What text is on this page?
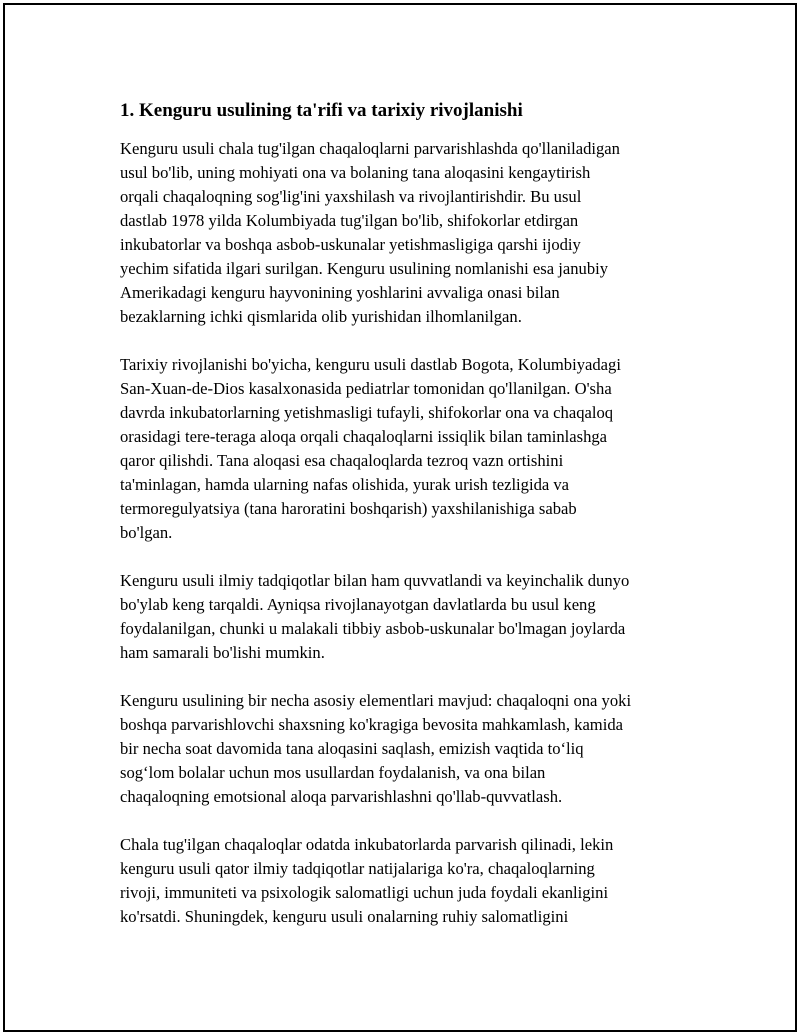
1. Kenguru usulining ta'rifi va tarixiy rivojlanishi

Kenguru usuli chala tug'ilgan chaqaloqlarni parvarishlashda qo'llaniladigan
usul bo'lib, uning mohiyati ona va bolaning tana aloqasini kengaytirish
orqali chaqaloqning sog'lig'ini yaxshilash va rivojlantirishdir. Bu usul
dastlab 1978 yilda Kolumbiyada tug'ilgan bo'lib, shifokorlar etdirgan
inkubatorlar va boshqa asbob-uskunalar yetishmasligiga qarshi ijodiy
yechim sifatida ilgari surilgan. Kenguru usulining nomlanishi esa janubiy
Amerikadagi kenguru hayvonining yoshlarini avvaliga onasi bilan
bezaklarning ichki qismlarida olib yurishidan ilhomlanilgan.

Tarixiy rivojlanishi bo'yicha, kenguru usuli dastlab Bogota, Kolumbiyadagi
San-Xuan-de-Dios kasalxonasida pediatrlar tomonidan qo'llanilgan. O'sha
davrda inkubatorlarning yetishmasligi tufayli, shifokorlar ona va chaqaloq
orasidagi tere-teraga aloqa orqali chaqaloqlarni issiqlik bilan taminlashga
qaror qilishdi. Tana aloqasi esa chaqaloqlarda tezroq vazn ortishini
ta'minlagan, hamda ularning nafas olishida, yurak urish tezligida va
termoregulyatsiya (tana haroratini boshqarish) yaxshilanishiga sabab
bo'lgan.

Kenguru usuli ilmiy tadqiqotlar bilan ham quvvatlandi va keyinchalik dunyo
bo'ylab keng tarqaldi. Ayniqsa rivojlanayotgan davlatlarda bu usul keng
foydalanilgan, chunki u malakali tibbiy asbob-uskunalar bo'lmagan joylarda
ham samarali bo'lishi mumkin.

Kenguru usulining bir necha asosiy elementlari mavjud: chaqaloqni ona yoki
boshqa parvarishlovchi shaxsning ko'kragiga bevosita mahkamlash, kamida
bir necha soat davomida tana aloqasini saqlash, emizish vaqtida to‘liq
sog‘lom bolalar uchun mos usullardan foydalanish, va ona bilan
chaqaloqning emotsional aloqa parvarishlashni qo'llab-quvvatlash.

Chala tug'ilgan chaqaloqlar odatda inkubatorlarda parvarish qilinadi, lekin
kenguru usuli qator ilmiy tadqiqotlar natijalariga ko'ra, chaqaloqlarning
rivoji, immuniteti va psixologik salomatligi uchun juda foydali ekanligini
ko'rsatdi. Shuningdek, kenguru usuli onalarning ruhiy salomatligini
